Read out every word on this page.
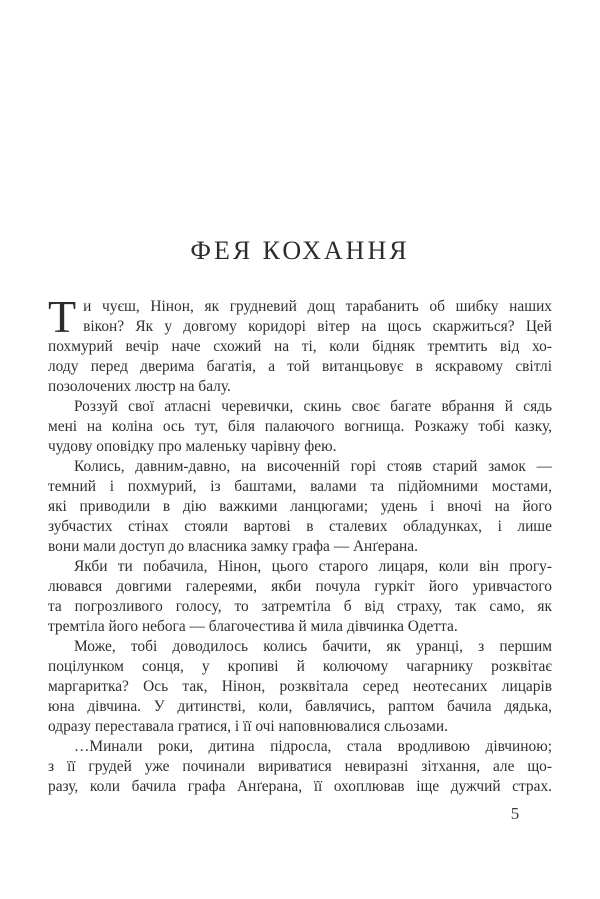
ФЕЯ КОХАННЯ
Т и чуєш, Нінон, як грудневий дощ тарабанить об шибку наших
вікон? Як у довгому коридорі вітер на щось скаржиться? Цей
похмурий вечір наче схожий на ті, коли бідняк тремтить від хо-
лоду перед дверима багатія, а той витанцьовує в яскравому світлі
позолочених люстр на балу.
Роззуй свої атласні черевички, скинь своє багате вбрання й сядь
мені на коліна ось тут, біля палаючого вогнища. Розкажу тобі казку,
чудову оповідку про маленьку чарівну фею.
Колись, давним-давно, на височенній горі стояв старий замок —
темний і похмурий, із баштами, валами та підйомними мостами,
які приводили в дію важкими ланцюгами; удень і вночі на його
зубчастих стінах стояли вартові в сталевих обладунках, і лише
вони мали доступ до власника замку графа — Анґерана.
Якби ти побачила, Нінон, цього старого лицаря, коли він прогу-
лювався довгими галереями, якби почула гуркіт його уривчастого
та погрозливого голосу, то затремтіла б від страху, так само, як
тремтіла його небога — благочестива й мила дівчинка Одетта.
Може, тобі доводилось колись бачити, як уранці, з першим
поцілунком сонця, у кропиві й колючому чагарнику розквітає
маргаритка? Ось так, Нінон, розквітала серед неотесаних лицарів
юна дівчина. У дитинстві, коли, бавлячись, раптом бачила дядька,
одразу переставала гратися, і її очі наповнювалися сльозами.
…Минали роки, дитина підросла, стала вродливою дівчиною;
з її грудей уже починали вириватися невиразні зітхання, але що-
разу, коли бачила графа Анґерана, її охоплював іще дужчий страх.
5
